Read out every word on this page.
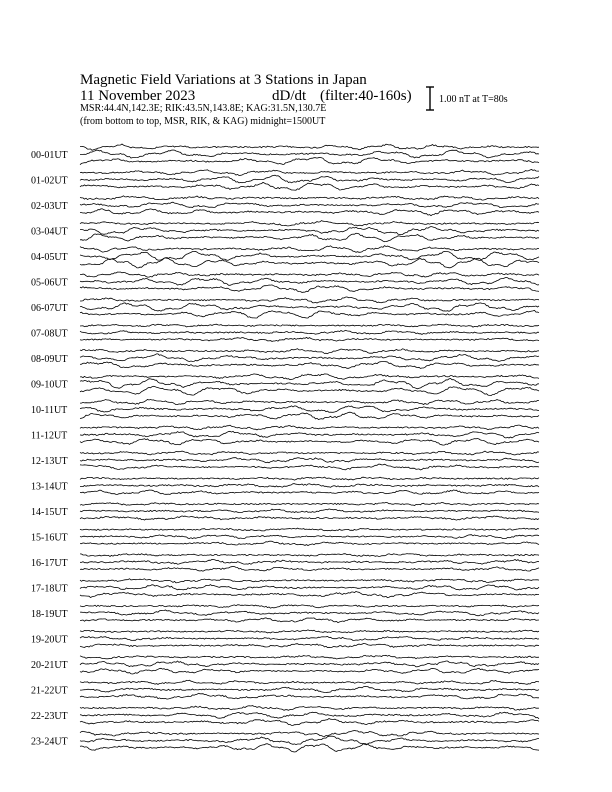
Magnetic Field Variations at 3 Stations in Japan
11 November 2023	dD/dt (filter:40-160s)
MSR:44.4N,142.3E; RIK:43.5N,143.8E; KAG:31.5N,130.7E
(from bottom to top, MSR, RIK, & KAG) midnight=1500UT
1.00 nT at T=80s
00-01UT
01-02UT
02-03UT
03-04UT
04-05UT
05-06UT
06-07UT
07-08UT
08-09UT
09-10UT
10-11UT
11-12UT
12-13UT
13-14UT
14-15UT
15-16UT
16-17UT
17-18UT
18-19UT
19-20UT
20-21UT
21-22UT
22-23UT
23-24UT
